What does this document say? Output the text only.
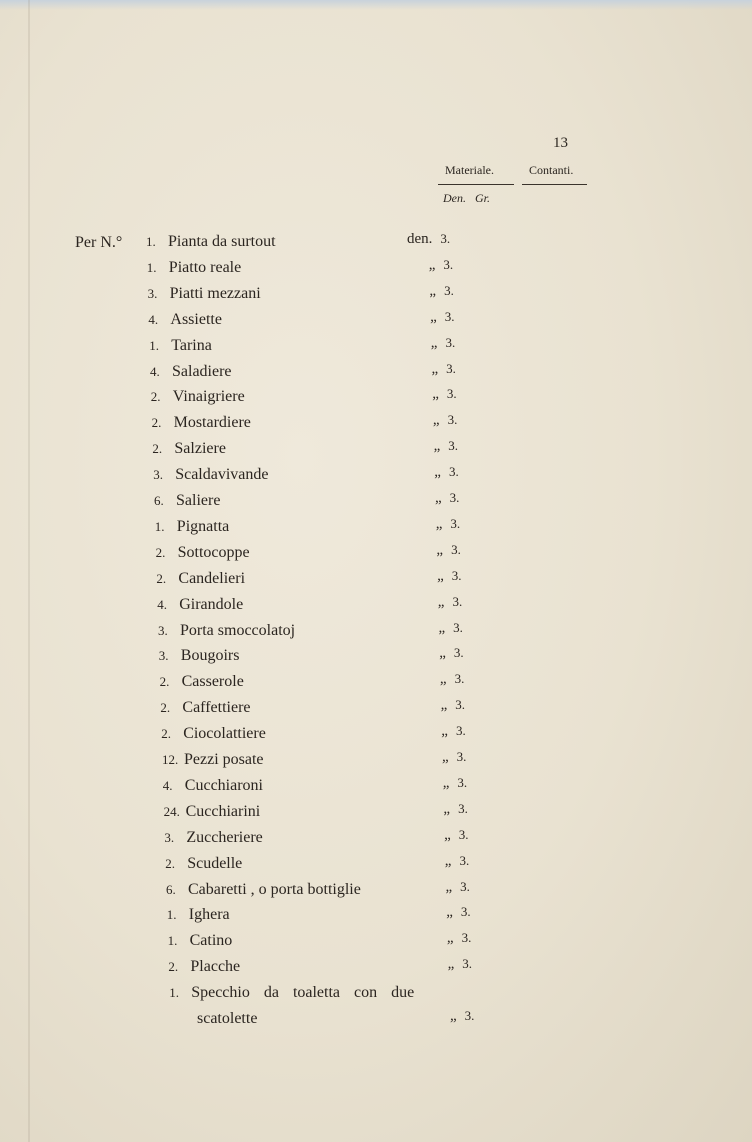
13
Materiale.	Contanti.
Den. Gr.
Per N.° 1. Pianta da surtout	den. 3.
1. Piatto reale	„ 3.
3. Piatti mezzani	„ 3.
4. Assiette	„ 3.
1. Tarina	„ 3.
4. Saladiere	„ 3.
2. Vinaigriere	„ 3.
2. Mostardiere	„ 3.
2. Salziere	„ 3.
3. Scaldavivande	„ 3.
6. Saliere	„ 3.
1. Pignatta	„ 3.
2. Sottocoppe	„ 3.
2. Candelieri	„ 3.
4. Girandole	„ 3.
3. Porta smoccolatoj	„ 3.
3. Bougoirs	„ 3.
2. Casserole	„ 3.
2. Caffettiere	„ 3.
2. Ciocolattiere	„ 3.
12. Pezzi posate	„ 3.
4. Cucchiaroni	„ 3.
24. Cucchiarini	„ 3.
3. Zuccheriere	„ 3.
2. Scudelle	„ 3.
6. Cabaretti , o porta bottiglie	„ 3.
1. Ighera	„ 3.
1. Catino	„ 3.
2. Placche	„ 3.
1. Specchio da toaletta con due
scatolette	„ 3.
